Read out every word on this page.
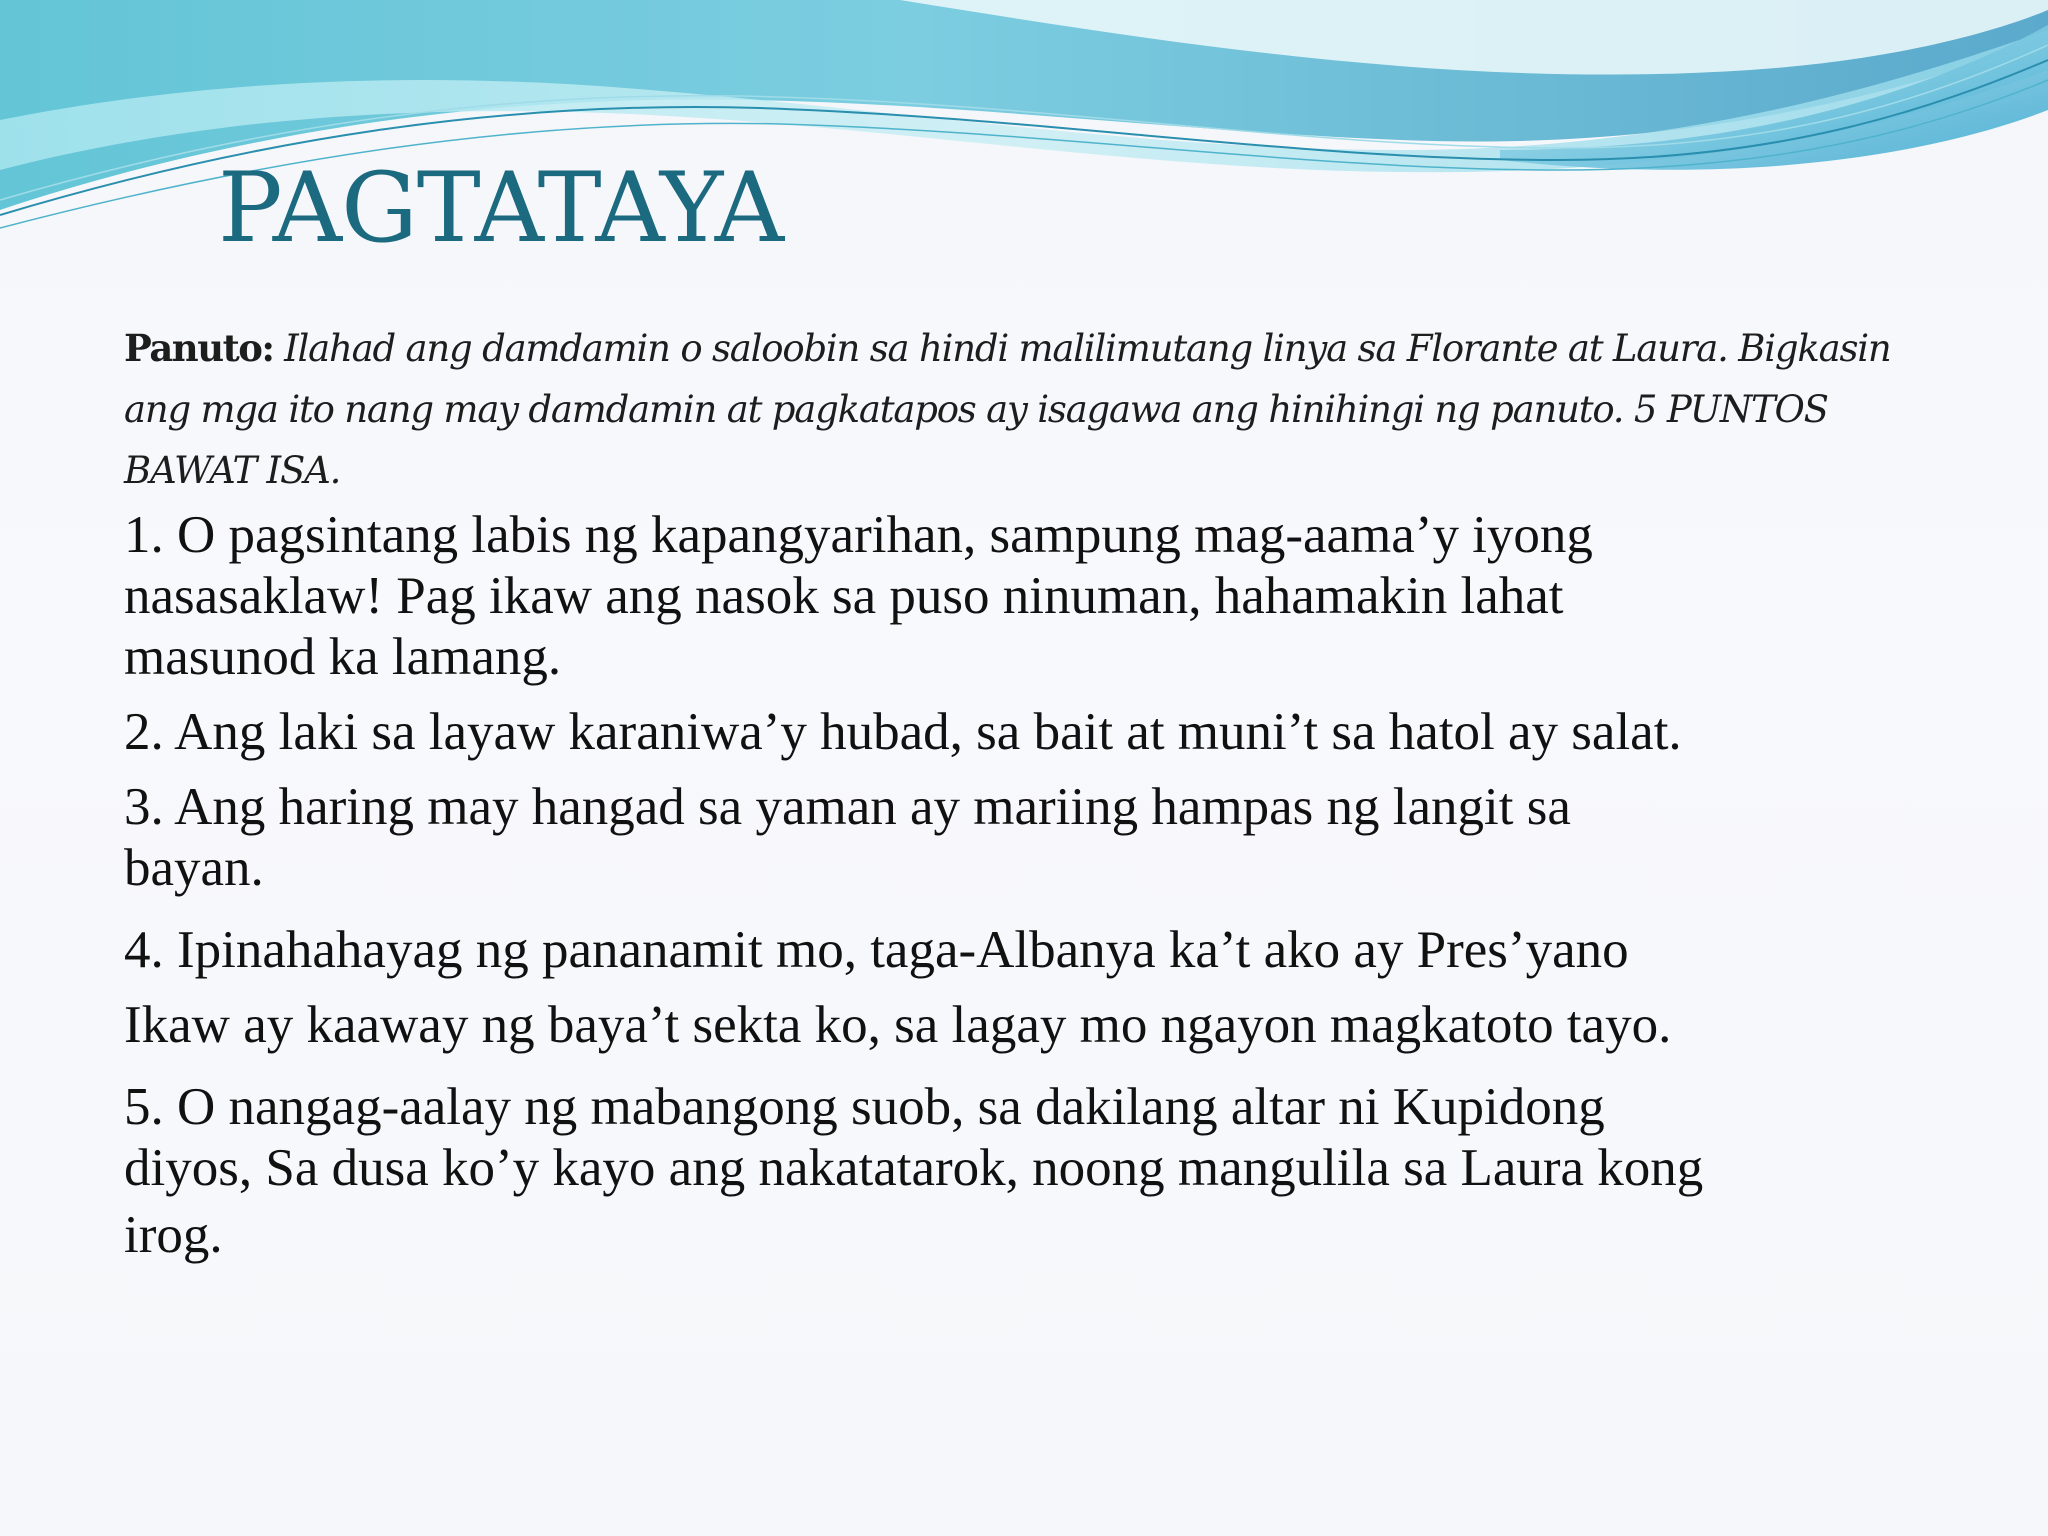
PAGTATAYA

Panuto: Ilahad ang damdamin o saloobin sa hindi malilimutang linya sa Florante at Laura. Bigkasin ang mga ito nang may damdamin at pagkatapos ay isagawa ang hinihingi ng panuto. 5 PUNTOS BAWAT ISA.

1. O pagsintang labis ng kapangyarihan, sampung mag-aama’y iyong
nasasaklaw! Pag ikaw ang nasok sa puso ninuman, hahamakin lahat
masunod ka lamang.
2. Ang laki sa layaw karaniwa’y hubad, sa bait at muni’t sa hatol ay salat.
3. Ang haring may hangad sa yaman ay mariing hampas ng langit sa
bayan.
4. Ipinahahayag ng pananamit mo, taga-Albanya ka’t ako ay Pres’yano
Ikaw ay kaaway ng baya’t sekta ko, sa lagay mo ngayon magkatoto tayo.
5. O nangag-aalay ng mabangong suob, sa dakilang altar ni Kupidong
diyos, Sa dusa ko’y kayo ang nakatatarok, noong mangulila sa Laura kong
irog.
